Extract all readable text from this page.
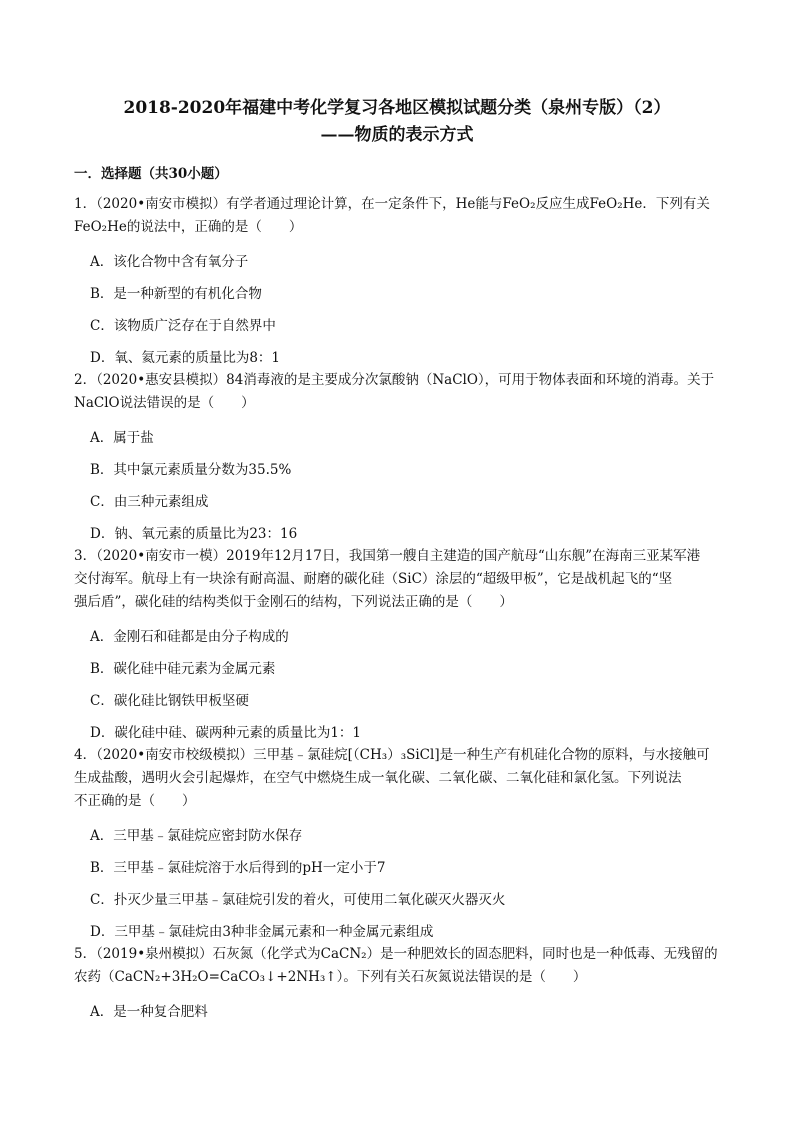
2018-2020年福建中考化学复习各地区模拟试题分类（泉州专版）（2）
——物质的表示方式
一．选择题（共30小题）
1．（2020•南安市模拟）有学者通过理论计算，在一定条件下，He能与FeO₂反应生成FeO₂He．下列有关
FeO₂He的说法中，正确的是（　　）
A．该化合物中含有氧分子
B．是一种新型的有机化合物
C．该物质广泛存在于自然界中
D．氧、氦元素的质量比为8：1
2．（2020•惠安县模拟）84消毒液的是主要成分次氯酸钠（NaClO），可用于物体表面和环境的消毒。关于
NaClO说法错误的是（　　）
A．属于盐
B．其中氯元素质量分数为35.5%
C．由三种元素组成
D．钠、氧元素的质量比为23：16
3．（2020•南安市一模）2019年12月17日，我国第一艘自主建造的国产航母“山东舰”在海南三亚某军港
交付海军。航母上有一块涂有耐高温、耐磨的碳化硅（SiC）涂层的“超级甲板”，它是战机起飞的“坚
强后盾”，碳化硅的结构类似于金刚石的结构，下列说法正确的是（　　）
A．金刚石和硅都是由分子构成的
B．碳化硅中硅元素为金属元素
C．碳化硅比钢铁甲板坚硬
D．碳化硅中硅、碳两种元素的质量比为1：1
4．（2020•南安市校级模拟）三甲基﹣氯硅烷[（CH₃）₃SiCl]是一种生产有机硅化合物的原料，与水接触可
生成盐酸，遇明火会引起爆炸，在空气中燃烧生成一氧化碳、二氧化碳、二氧化硅和氯化氢。下列说法
不正确的是（　　）
A．三甲基﹣氯硅烷应密封防水保存
B．三甲基﹣氯硅烷溶于水后得到的pH一定小于7
C．扑灭少量三甲基﹣氯硅烷引发的着火，可使用二氧化碳灭火器灭火
D．三甲基﹣氯硅烷由3种非金属元素和一种金属元素组成
5．（2019•泉州模拟）石灰氮（化学式为CaCN₂）是一种肥效长的固态肥料，同时也是一种低毒、无残留的
农药（CaCN₂+3H₂O=CaCO₃↓+2NH₃↑）。下列有关石灰氮说法错误的是（　　）
A．是一种复合肥料
